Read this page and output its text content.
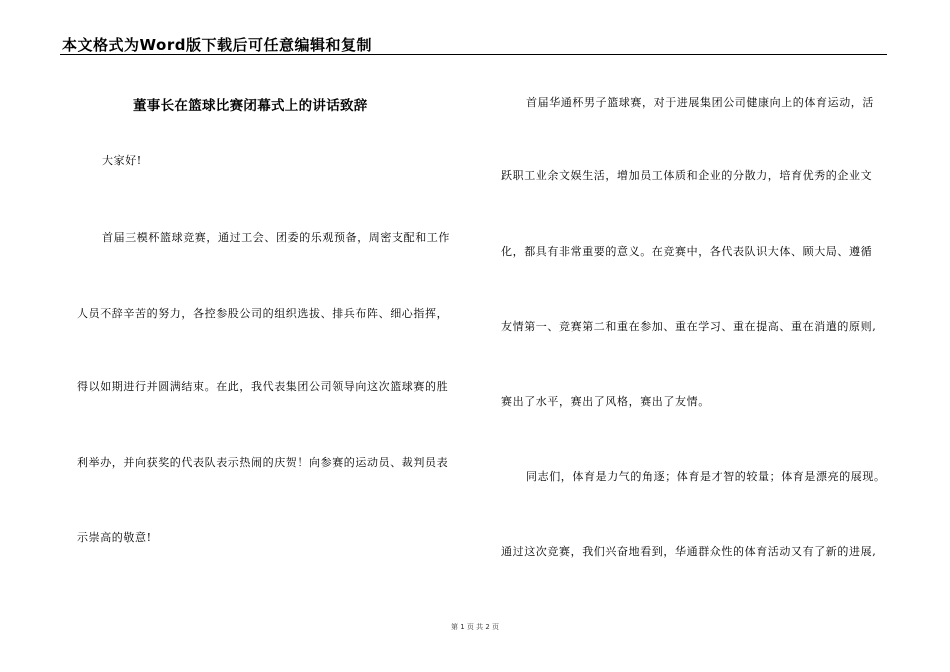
本文格式为Word版下载后可任意编辑和复制
董事长在篮球比赛闭幕式上的讲话致辞
大家好!
首届三模杯篮球竞赛，通过工会、团委的乐观预备，周密支配和工作
人员不辞辛苦的努力，各控参股公司的组织选拔、排兵布阵、细心指挥，
得以如期进行并圆满结束。在此，我代表集团公司领导向这次篮球赛的胜
利举办，并向获奖的代表队表示热闹的庆贺！向参赛的运动员、裁判员表
示崇高的敬意!
首届华通杯男子篮球赛，对于进展集团公司健康向上的体育运动，活
跃职工业余文娱生活，增加员工体质和企业的分散力，培育优秀的企业文
化，都具有非常重要的意义。在竞赛中，各代表队识大体、顾大局、遵循
友情第一、竞赛第二和重在参加、重在学习、重在提高、重在消遣的原则,
赛出了水平，赛出了风格，赛出了友情。
同志们，体育是力气的角逐；体育是才智的较量；体育是漂亮的展现。
通过这次竞赛，我们兴奋地看到，华通群众性的体育活动又有了新的进展,
第 1 页 共 2 页
